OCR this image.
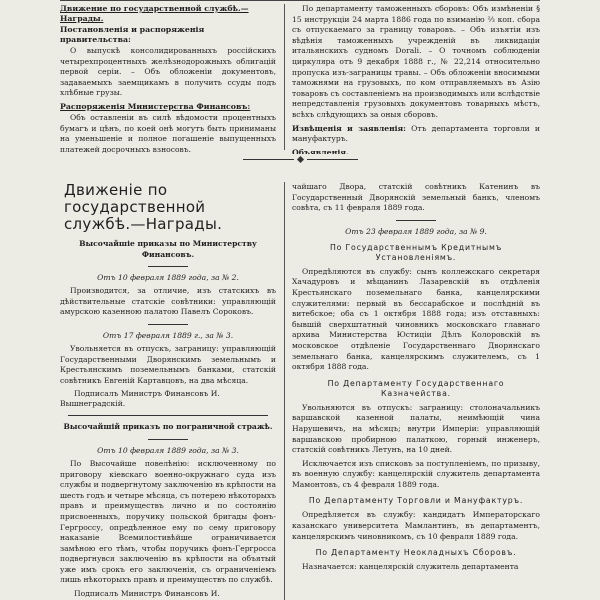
Движение по государственной службѣ.—Награды.

Постановленія и распоряженія правительства:

О выпускѣ консолидированныхъ россійскихъ четырехпроцентныхъ желѣзнодорожныхъ облигацій первой серіи. – Объ обложеніи документовъ, задаваемыхъ заемщикамъ в получить ссуды подъ хлѣбные грузы.

Распоряженія Министерства Финансовъ:

Объ оставленіи въ силѣ вѣдомости процентныхъ бумагъ и цѣнъ, по коей онѣ могутъ быть приниманы на уменьшеніе и полное погашеніе выпущенныхъ платежей досрочныхъ взносовъ.

По департаменту таможенныхъ сборовъ: Объ измѣненіи § 15 инструкціи 24 марта 1886 года по взиманію ⅔ коп. сбора съ отпускаемаго за границу товаровъ. – Объ изъятіи изъ вѣдѣнія таможенныхъ учрежденій въ ликвидаціи итальянскихъ судномъ Dorali. – О точномъ соблюденіи циркуляра отъ 9 декабря 1888 г., № 22,214 относительно пропуска изъ-заграницы травы. – Объ обложеніи вносимыми таможнями на грузовыхъ, по ком отправляемыхъ въ Азію товаровъ съ составленіемъ на производимыхъ или вслѣдствіе непредставленія грузовыхъ документовъ товарныхъ мѣстъ, всѣхъ слѣдующихъ за оныя сборовъ.

Извѣщенія и заявленія: Отъ департамента торговли и мануфактуръ.

Объявленія.

Движеніе по государственной службѣ.—Награды.

Высочайшіе приказы по Министерству Финансовъ.

Отъ 10 февраля 1889 года, за № 2.

Производится, за отличие, изъ статскихъ въ дѣйствительные статскіе совѣтники: управляющій амурскою казенною палатою Павелъ Сороковъ.

Отъ 17 февраля 1889 г., за № 3.

Увольняется въ отпускъ, заграницу: управляющій Государственными Дворянскимъ земельнымъ и Крестьянскимъ поземельнымъ банками, статскій совѣтникъ Евгеній Картавцовъ, на два мѣсяца.

Подписалъ Министръ Финансовъ И. Вышнеградскій.

Высочайшій приказъ по пограничной стражѣ.

Отъ 10 февраля 1889 года, за № 3.

По Высочайше повелѣнію: исключенному по приговору кіевскаго военно-окружнаго суда изъ службы и подвергнутому заключенію въ крѣпости на шесть годъ и четыре мѣсяца, съ потерею нѣкоторыхъ правъ и преимуществъ лично и по состоянію присвоенныхъ, поручику польской бригады фонъ-Гергроссу, опредѣленное ему по сему приговору наказаніе Всемилостивѣйше ограничивается замѣною его тѣмъ, чтобы поручикъ фонъ-Гергросса подвергнувся заключенію въ крѣпости на объятый уже имъ срокъ его заключенія, съ ограниченіемъ лишь нѣкоторыхъ правъ и преимуществъ по службѣ.

Подписалъ Министръ Финансовъ И.

чайшаго Двора, статскій совѣтникъ Катенинъ въ Государственный Дворянскій земельный банкъ, членомъ совѣта, съ 11 февраля 1889 года.

Отъ 23 февраля 1889 года, за № 9.

По Государственнымъ Кредитнымъ Установленіямъ.

Опредѣляются въ службу: сынъ коллежскаго секретаря Хачадуровъ и мѣщанинъ Лазаревскій въ отдѣленія Крестьянскаго поземельнаго банка, канцелярскими служителями: первый въ бессарабское и послѣдній въ витебское; оба съ 1 октября 1888 года; изъ отставныхъ: бывшій сверхштатный чиновникъ московскаго главнаго архива Министерства Юстиціи Дѣлъ Колоровскій въ московское отдѣленіе Государственнаго Дворянскаго земельнаго банка, канцелярскимъ служителемъ, съ 1 октября 1888 года.

По Департаменту Государственнаго Казначейства.

Увольняются въ отпускъ: заграницу: столоначальникъ варшавской казенной палаты, неимѣющій чина Нарушевичъ, на мѣсяцъ; внутри Имперіи: управляющій варшавскою пробирною палаткою, горный инженеръ, статскій совѣтникъ Летунъ, на 10 дней.

Исключается изъ списковъ за поступленіемъ, по призыву, въ военную службу: канцелярскій служитель департамента Мамонтовъ, съ 4 февраля 1889 года.

По Департаменту Торговли и Мануфактуръ.

Опредѣляется въ службу: кандидатъ Императорскаго казанскаго университета Мамлантинъ, въ департаментъ, канцелярскимъ чиновникомъ, съ 10 февраля 1889 года.

По Департаменту Неокладныхъ Сборовъ.

Назначается: канцелярскій служитель департамента
